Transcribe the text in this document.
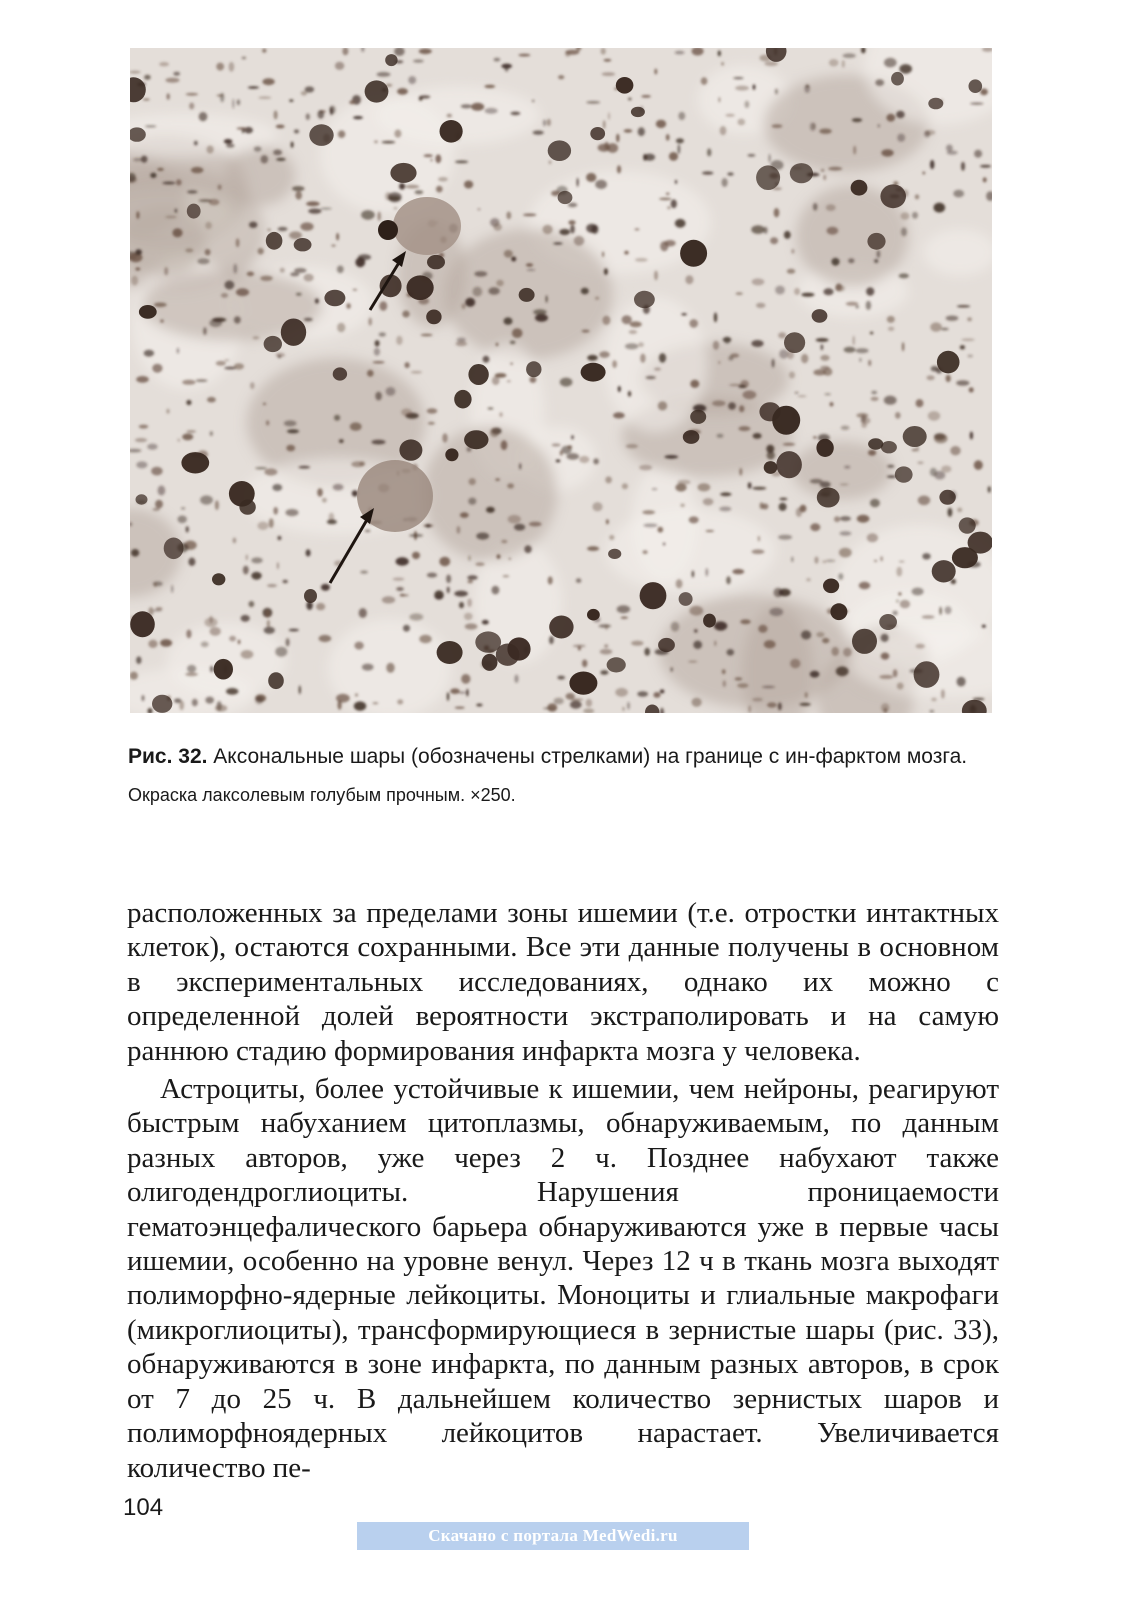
Рис. 32. Аксональные шары (обозначены стрелками) на границе с ин-фарктом мозга.

Окраска лаксолевым голубым прочным. ×250.

расположенных за пределами зоны ишемии (т.е. отростки интактных клеток), остаются сохранными. Все эти данные получены в основном в экспериментальных исследованиях, однако их можно с определенной долей вероятности экстраполировать и на самую раннюю стадию формирования инфаркта мозга у человека.

Астроциты, более устойчивые к ишемии, чем нейроны, реагируют быстрым набуханием цитоплазмы, обнаруживаемым, по данным разных авторов, уже через 2 ч. Позднее набухают также олигодендроглиоциты. Нарушения проницаемости гематоэнцефалического барьера обнаруживаются уже в первые часы ишемии, особенно на уровне венул. Через 12 ч в ткань мозга выходят полиморфно-ядерные лейкоциты. Моноциты и глиальные макрофаги (микроглиоциты), трансформирующиеся в зернистые шары (рис. 33), обнаруживаются в зоне инфаркта, по данным разных авторов, в срок от 7 до 25 ч. В дальнейшем количество зернистых шаров и полиморфноядерных лейкоцитов нарастает. Увеличивается количество пе-

104
Скачано с портала MedWedi.ru
